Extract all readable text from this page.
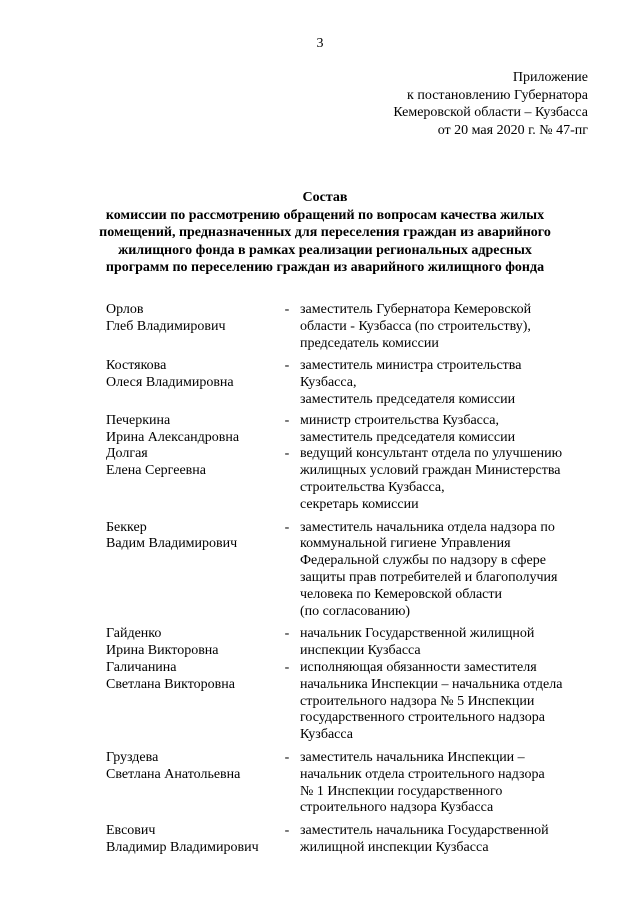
3
Приложение
к постановлению Губернатора
Кемеровской области – Кузбасса
от 20 мая 2020 г. № 47-пг
Состав
комиссии по рассмотрению обращений по вопросам качества жилых
помещений, предназначенных для переселения граждан из аварийного
жилищного фонда в рамках реализации региональных адресных
программ по переселению граждан из аварийного жилищного фонда
Орлов
Глеб Владимирович
- заместитель Губернатора Кемеровской
области - Кузбасса (по строительству),
председатель комиссии
Костякова
Олеся Владимировна
- заместитель министра строительства
Кузбасса,
заместитель председателя комиссии
Печеркина
Ирина Александровна
- министр строительства Кузбасса,
заместитель председателя комиссии
Долгая
Елена Сергеевна
- ведущий консультант отдела по улучшению
жилищных условий граждан Министерства
строительства Кузбасса,
секретарь комиссии
Беккер
Вадим Владимирович
- заместитель начальника отдела надзора по
коммунальной гигиене Управления
Федеральной службы по надзору в сфере
защиты прав потребителей и благополучия
человека по Кемеровской области
(по согласованию)
Гайденко
Ирина Викторовна
- начальник Государственной жилищной
инспекции Кузбасса
Галичанина
Светлана Викторовна
- исполняющая обязанности заместителя
начальника Инспекции – начальника отдела
строительного надзора № 5 Инспекции
государственного строительного надзора
Кузбасса
Груздева
Светлана Анатольевна
- заместитель начальника Инспекции –
начальник отдела строительного надзора
№ 1 Инспекции государственного
строительного надзора Кузбасса
Евсович
Владимир Владимирович
- заместитель начальника Государственной
жилищной инспекции Кузбасса
